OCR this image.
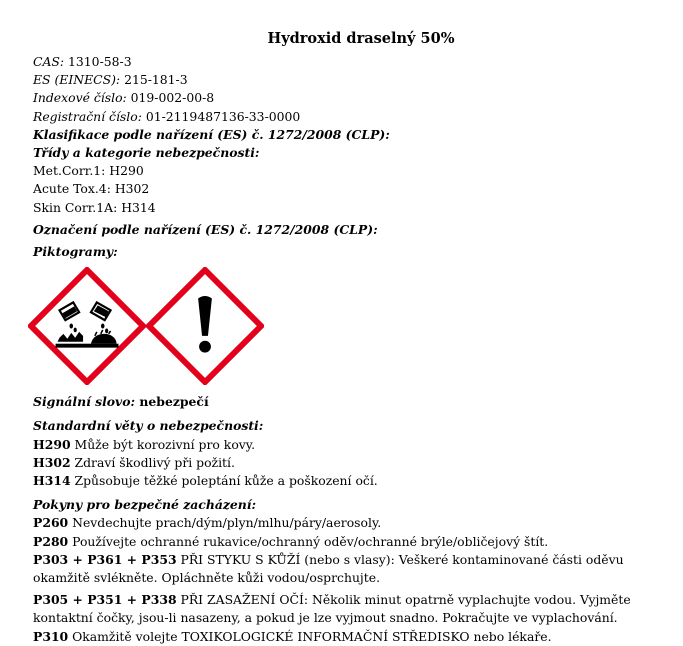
Hydroxid draselný 50%
CAS: 1310-58-3
ES (EINECS): 215-181-3
Indexové číslo: 019-002-00-8
Registrační číslo: 01-2119487136-33-0000
Klasifikace podle nařízení (ES) č. 1272/2008 (CLP):
Třídy a kategorie nebezpečnosti:
Met.Corr.1: H290
Acute Tox.4: H302
Skin Corr.1A: H314
Označení podle nařízení (ES) č. 1272/2008 (CLP):
Piktogramy:
Signální slovo: nebezpečí
Standardní věty o nebezpečnosti:
H290 Může být korozivní pro kovy.
H302 Zdraví škodlivý při požití.
H314 Způsobuje těžké poleptání kůže a poškození očí.
Pokyny pro bezpečné zacházení:
P260 Nevdechujte prach/dým/plyn/mlhu/páry/aerosoly.
P280 Používejte ochranné rukavice/ochranný oděv/ochranné brýle/obličejový štít.
P303 + P361 + P353 PŘI STYKU S KŮŽÍ (nebo s vlasy): Veškeré kontaminované části oděvu okamžitě svlékněte. Opláchněte kůži vodou/osprchujte.
P305 + P351 + P338 PŘI ZASAŽENÍ OČÍ: Několik minut opatrně vyplachujte vodou. Vyjměte kontaktní čočky, jsou-li nasazeny, a pokud je lze vyjmout snadno. Pokračujte ve vyplachování.
P310 Okamžitě volejte TOXIKOLOGICKÉ INFORMAČNÍ STŘEDISKO nebo lékaře.
